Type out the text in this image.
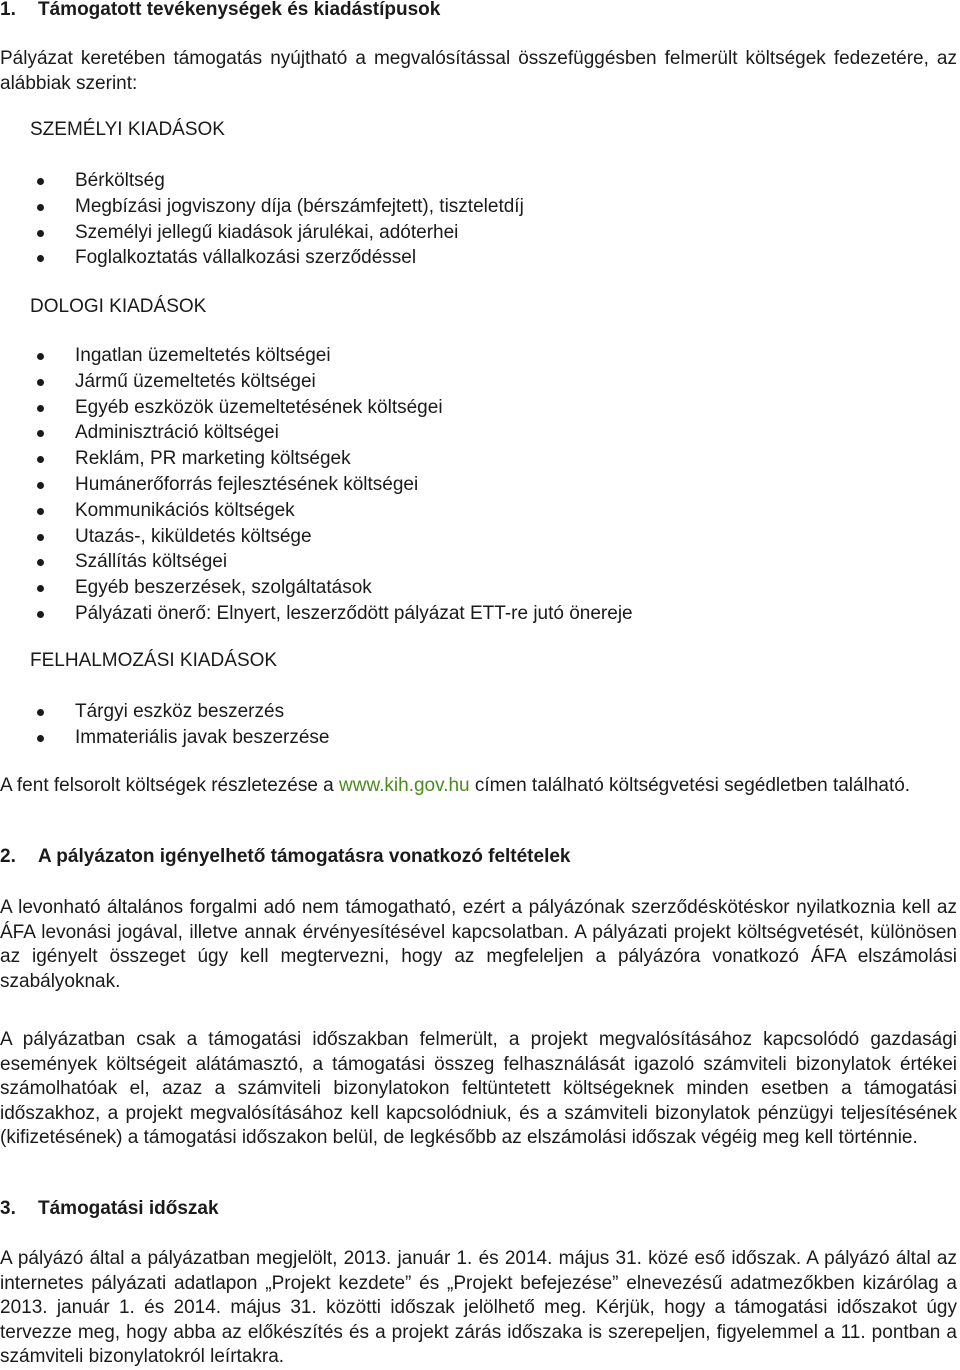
1. Támogatott tevékenységek és kiadástípusok
Pályázat keretében támogatás nyújtható a megvalósítással összefüggésben felmerült költségek fedezetére, az alábbiak szerint:
SZEMÉLYI KIADÁSOK
Bérköltség
Megbízási jogviszony díja (bérszámfejtett), tiszteletdíj
Személyi jellegű kiadások járulékai, adóterhei
Foglalkoztatás vállalkozási szerződéssel
DOLOGI KIADÁSOK
Ingatlan üzemeltetés költségei
Jármű üzemeltetés költségei
Egyéb eszközök üzemeltetésének költségei
Adminisztráció költségei
Reklám, PR marketing költségek
Humánerőforrás fejlesztésének költségei
Kommunikációs költségek
Utazás-, kiküldetés költsége
Szállítás költségei
Egyéb beszerzések, szolgáltatások
Pályázati önerő: Elnyert, leszerződött pályázat ETT-re jutó önereje
FELHALMOZÁSI KIADÁSOK
Tárgyi eszköz beszerzés
Immateriális javak beszerzése
A fent felsorolt költségek részletezése a www.kih.gov.hu címen található költségvetési segédletben található.
2. A pályázaton igényelhető támogatásra vonatkozó feltételek
A levonható általános forgalmi adó nem támogatható, ezért a pályázónak szerződéskötéskor nyilatkoznia kell az ÁFA levonási jogával, illetve annak érvényesítésével kapcsolatban. A pályázati projekt költségvetését, különösen az igényelt összeget úgy kell megtervezni, hogy az megfeleljen a pályázóra vonatkozó ÁFA elszámolási szabályoknak.
A pályázatban csak a támogatási időszakban felmerült, a projekt megvalósításához kapcsolódó gazdasági események költségeit alátámasztó, a támogatási összeg felhasználását igazoló számviteli bizonylatok értékei számolhatóak el, azaz a számviteli bizonylatokon feltüntetett költségeknek minden esetben a támogatási időszakhoz, a projekt megvalósításához kell kapcsolódniuk, és a számviteli bizonylatok pénzügyi teljesítésének (kifizetésének) a támogatási időszakon belül, de legkésőbb az elszámolási időszak végéig meg kell történnie.
3. Támogatási időszak
A pályázó által a pályázatban megjelölt, 2013. január 1. és 2014. május 31. közé eső időszak. A pályázó által az internetes pályázati adatlapon „Projekt kezdete” és „Projekt befejezése” elnevezésű adatmezőkben kizárólag a 2013. január 1. és 2014. május 31. közötti időszak jelölhető meg. Kérjük, hogy a támogatási időszakot úgy tervezze meg, hogy abba az előkészítés és a projekt zárás időszaka is szerepeljen, figyelemmel a 11. pontban a számviteli bizonylatokról leírtakra.
